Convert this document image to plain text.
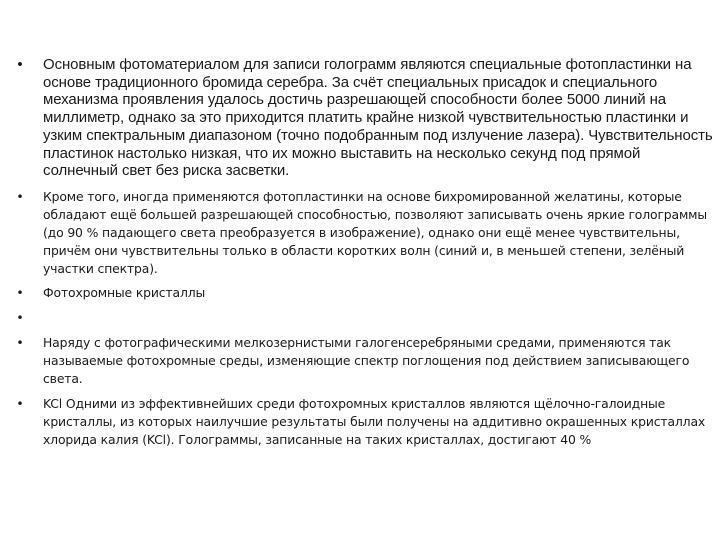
• Основным фотоматериалом для записи голограмм являются специальные фотопластинки на основе традиционного бромида серебра. За счёт специальных присадок и специального механизма проявления удалось достичь разрешающей способности более 5000 линий на миллиметр, однако за это приходится платить крайне низкой чувствительностью пластинки и узким спектральным диапазоном (точно подобранным под излучение лазера). Чувствительность пластинок настолько низкая, что их можно выставить на несколько секунд под прямой солнечный свет без риска засветки.
• Кроме того, иногда применяются фотопластинки на основе бихромированной желатины, которые обладают ещё большей разрешающей способностью, позволяют записывать очень яркие голограммы (до 90 % падающего света преобразуется в изображение), однако они ещё менее чувствительны, причём они чувствительны только в области коротких волн (синий и, в меньшей степени, зелёный участки спектра).
• Фотохромные кристаллы
•
• Наряду с фотографическими мелкозернистыми галогенсеребряными средами, применяются так называемые фотохромные среды, изменяющие спектр поглощения под действием записывающего света.
• KCl Одними из эффективнейших среди фотохромных кристаллов являются щёлочно-галоидные кристаллы, из которых наилучшие результаты были получены на аддитивно окрашенных кристаллах хлорида калия (KCl). Голограммы, записанные на таких кристаллах, достигают 40 %
